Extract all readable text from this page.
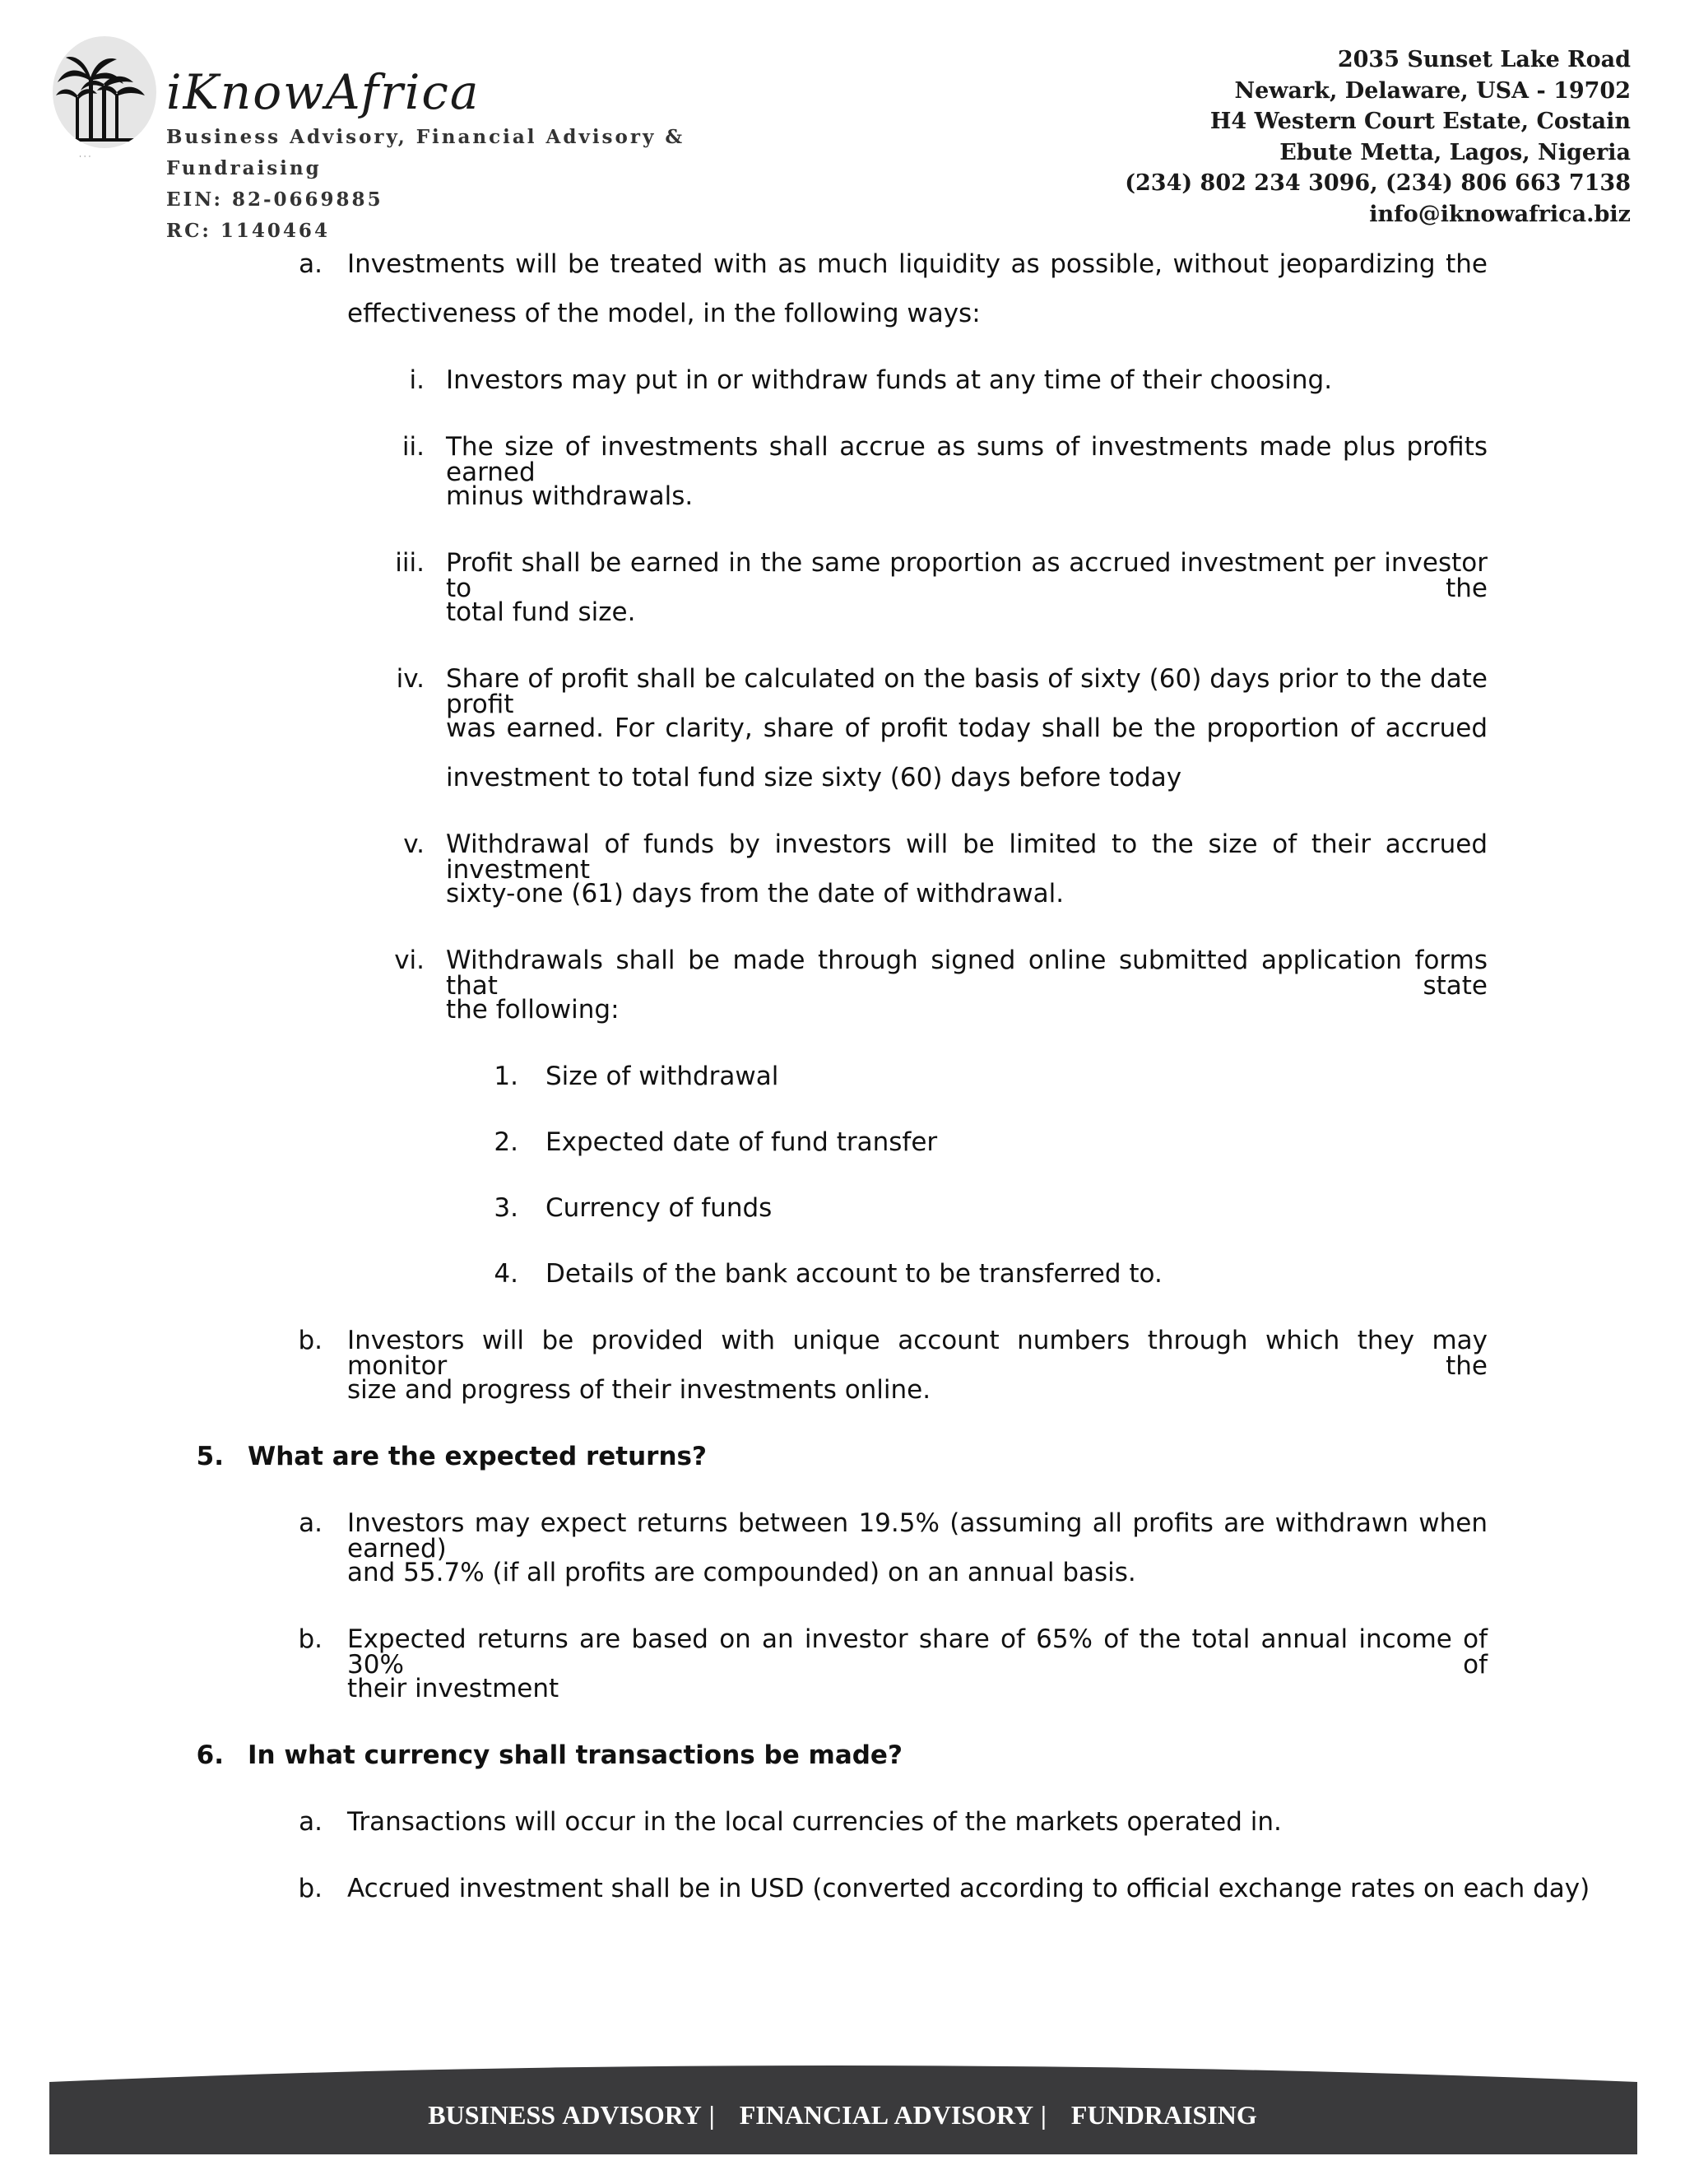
· · ·
iKnowAfrica
Business Advisory, Financial Advisory &
Fundraising
EIN: 82-0669885
RC: 1140464
2035 Sunset Lake Road
Newark, Delaware, USA - 19702
H4 Western Court Estate, Costain
Ebute Metta, Lagos, Nigeria
(234) 802 234 3096, (234) 806 663 7138
info@iknowafrica.biz
a. Investments will be treated with as much liquidity as possible, without jeopardizing the
effectiveness of the model, in the following ways:
i. Investors may put in or withdraw funds at any time of their choosing.
ii. The size of investments shall accrue as sums of investments made plus profits earned
minus withdrawals.
iii. Profit shall be earned in the same proportion as accrued investment per investor to the
total fund size.
iv. Share of profit shall be calculated on the basis of sixty (60) days prior to the date profit
was earned. For clarity, share of profit today shall be the proportion of accrued
investment to total fund size sixty (60) days before today
v. Withdrawal of funds by investors will be limited to the size of their accrued investment
sixty-one (61) days from the date of withdrawal.
vi. Withdrawals shall be made through signed online submitted application forms that state
the following:
1. Size of withdrawal
2. Expected date of fund transfer
3. Currency of funds
4. Details of the bank account to be transferred to.
b. Investors will be provided with unique account numbers through which they may monitor the
size and progress of their investments online.
5. What are the expected returns?
a. Investors may expect returns between 19.5% (assuming all profits are withdrawn when earned)
and 55.7% (if all profits are compounded) on an annual basis.
b. Expected returns are based on an investor share of 65% of the total annual income of 30% of
their investment
6. In what currency shall transactions be made?
a. Transactions will occur in the local currencies of the markets operated in.
b. Accrued investment shall be in USD (converted according to official exchange rates on each day)
BUSINESS ADVISORY |   FINANCIAL ADVISORY |   FUNDRAISING
